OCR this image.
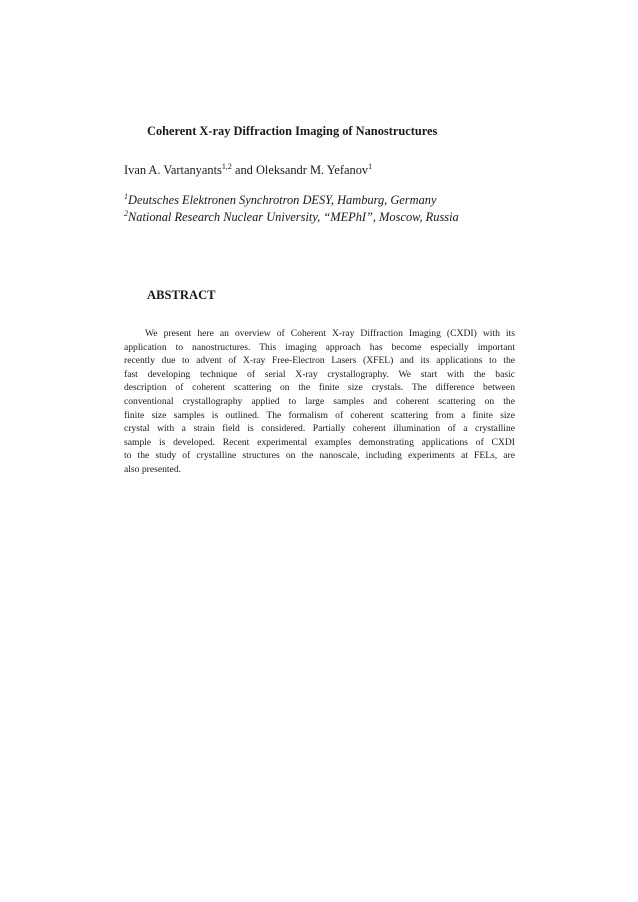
Coherent X-ray Diffraction Imaging of Nanostructures

Ivan A. Vartanyants$^{1,2}$ and Oleksandr M. Yefanov$^1$

$^1$Deutsches Elektronen Synchrotron DESY, Hamburg, Germany
$^2$National Research Nuclear University, “MEPhI”, Moscow, Russia
ABSTRACT
We present here an overview of Coherent X-ray Diffraction Imaging (CXDI) with its
application to nanostructures. This imaging approach has become especially important
recently due to advent of X-ray Free-Electron Lasers (XFEL) and its applications to the
fast developing technique of serial X-ray crystallography. We start with the basic
description of coherent scattering on the finite size crystals. The difference between
conventional crystallography applied to large samples and coherent scattering on the
finite size samples is outlined. The formalism of coherent scattering from a finite size
crystal with a strain field is considered. Partially coherent illumination of a crystalline
sample is developed. Recent experimental examples demonstrating applications of CXDI
to the study of crystalline structures on the nanoscale, including experiments at FELs, are
also presented.
